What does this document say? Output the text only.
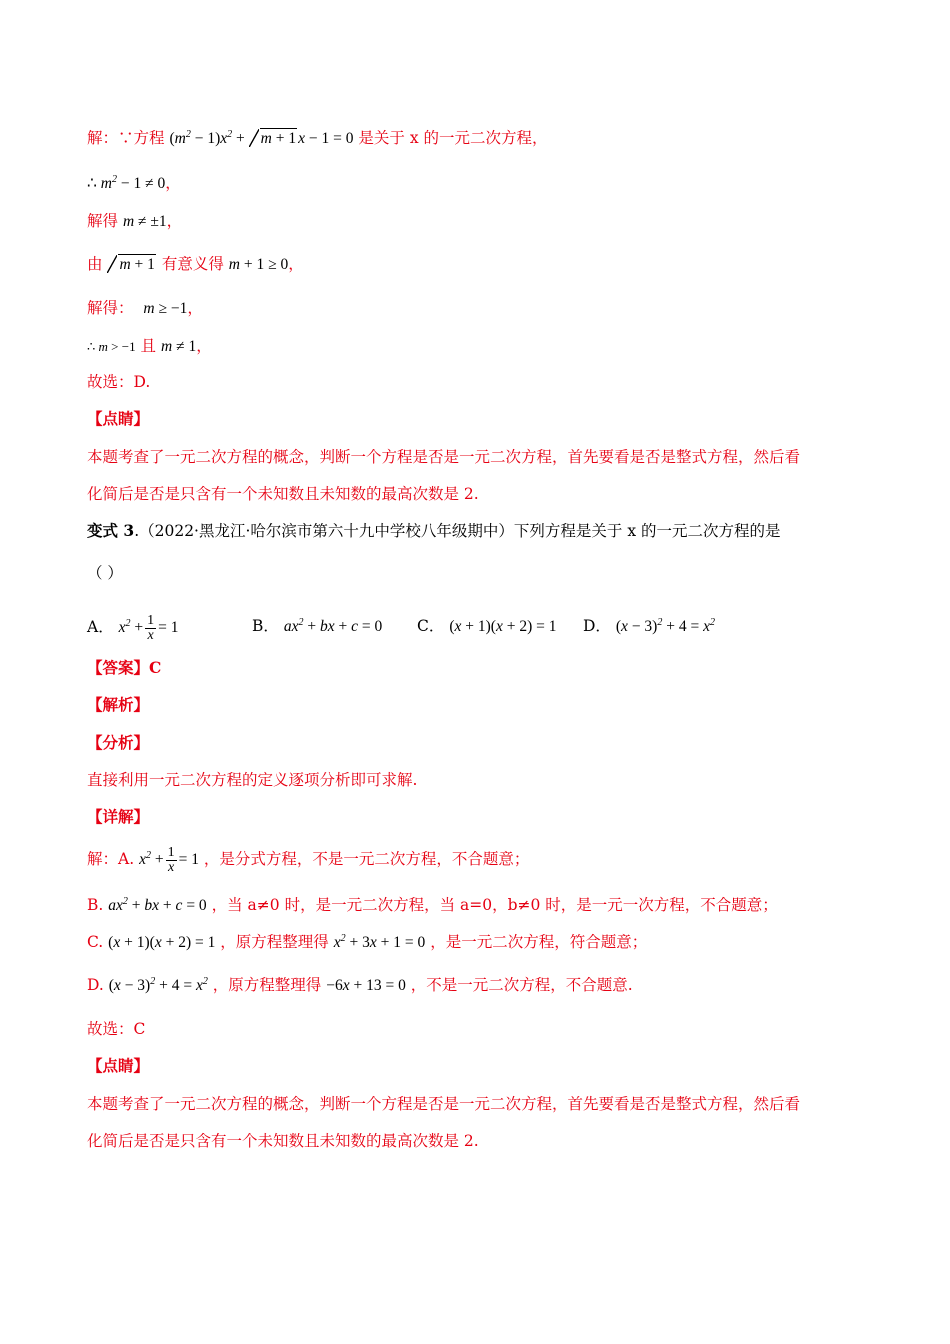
解：∵方程 $(m^2 - 1)x^2 + m + 1$ x − 1 = 0 是关于 x 的一元二次方程，
∴ $m^2 - 1 \ne 0$，
解得 m ≠ ±1，
由 m + 1 有意义得 m + 1 ≥ 0，
解得： m ≥ −1，
∴ m > −1 且 m ≠ 1，
故选：D.
【点睛】
本题考查了一元二次方程的概念，判断一个方程是否是一元二次方程，首先要看是否是整式方程，然后看
化简后是否是只含有一个未知数且未知数的最高次数是 2.
变式 3.（2022·黑龙江·哈尔滨市第六十九中学校八年级期中）下列方程是关于 x 的一元二次方程的是
（ ）
A． $x^2 + \frac{1}{x} = 1$	B． $ax^2$ + bx + c = 0 C． (x + 1)(x + 2) = 1 D． $(x - 3)^2 + 4 = x^2$
【答案】C
【解析】
【分析】
直接利用一元二次方程的定义逐项分析即可求解.
【详解】
解：A. $x^2 + \frac{1}{x} = 1$ ，是分式方程，不是一元二次方程，不合题意；
B. $ax^2$ + bx + c = 0 ，当 a≠0 时，是一元二次方程，当 a=0，b≠0 时，是一元一次方程，不合题意；
C. (x + 1)(x + 2) = 1 ，原方程整理得 $x^2 + 3x + 1 = 0$ ，是一元二次方程，符合题意；
D. $(x - 3)^2 + 4 = x^2$ ，原方程整理得 −6x + 13 = 0 ，不是一元二次方程，不合题意.
故选：C
【点睛】
本题考查了一元二次方程的概念，判断一个方程是否是一元二次方程，首先要看是否是整式方程，然后看
化简后是否是只含有一个未知数且未知数的最高次数是 2.
